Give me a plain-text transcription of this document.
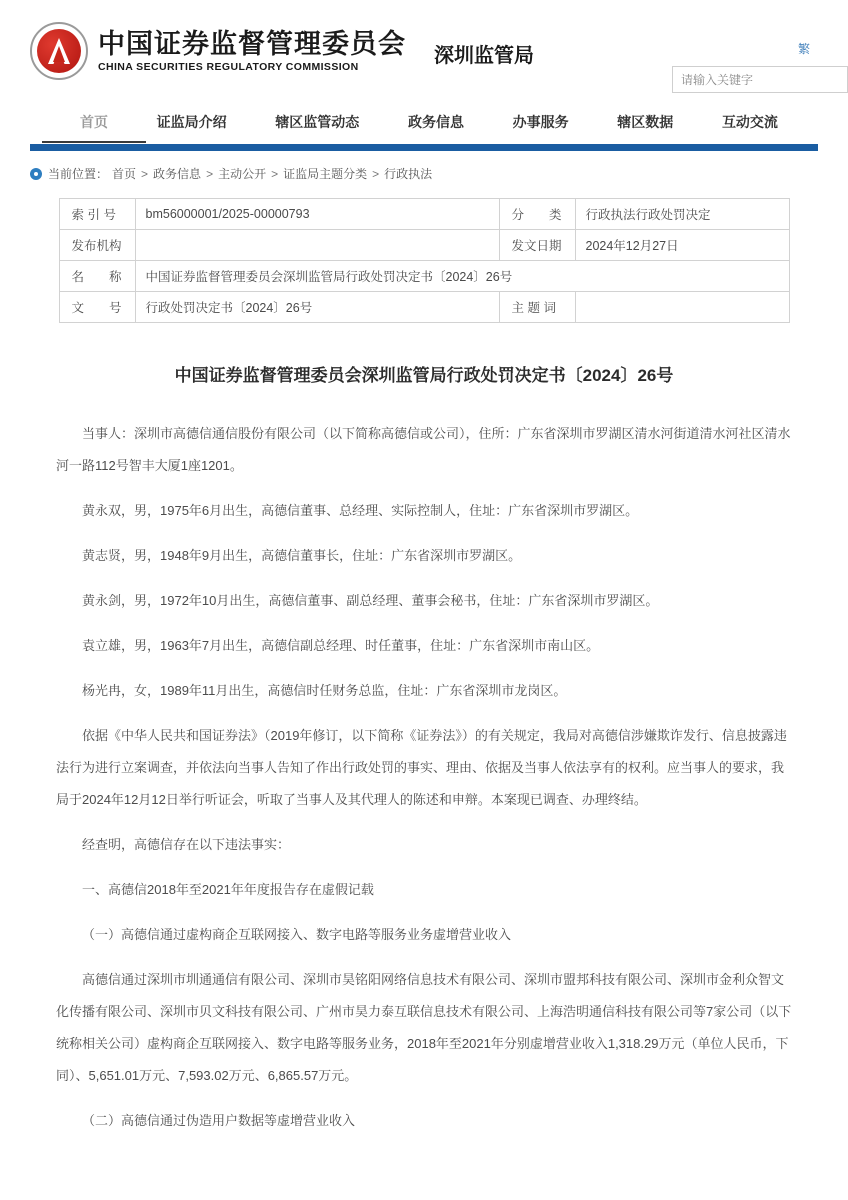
繁
中国证券监督管理委员会
CHINA SECURITIES REGULATORY COMMISSION
深圳监管局
请输入关键字
首页	证监局介绍	辖区监管动态	政务信息	办事服务	辖区数据	互动交流
当前位置： 首页 > 政务信息 > 主动公开 > 证监局主题分类 > 行政执法
索 引 号	bm56000001/2025-00000793	分　　类	行政执法行政处罚决定
发布机构		发文日期	2024年12月27日
名　　称	中国证券监督管理委员会深圳监管局行政处罚决定书〔2024〕26号		
文　　号	行政处罚决定书〔2024〕26号	主 题 词	
中国证券监督管理委员会深圳监管局行政处罚决定书〔2024〕26号

当事人：深圳市高德信通信股份有限公司（以下简称高德信或公司），住所：广东省深圳市罗湖区清水河街道清水河社区清水河一路112号智丰大厦1座1201。

黄永双，男，1975年6月出生，高德信董事、总经理、实际控制人，住址：广东省深圳市罗湖区。

黄志贤，男，1948年9月出生，高德信董事长，住址：广东省深圳市罗湖区。

黄永剑，男，1972年10月出生，高德信董事、副总经理、董事会秘书，住址：广东省深圳市罗湖区。

袁立雄，男，1963年7月出生，高德信副总经理、时任董事，住址：广东省深圳市南山区。

杨光冉，女，1989年11月出生，高德信时任财务总监，住址：广东省深圳市龙岗区。

依据《中华人民共和国证券法》（2019年修订，以下简称《证券法》）的有关规定，我局对高德信涉嫌欺诈发行、信息披露违法行为进行立案调查，并依法向当事人告知了作出行政处罚的事实、理由、依据及当事人依法享有的权利。应当事人的要求，我局于2024年12月12日举行听证会，听取了当事人及其代理人的陈述和申辩。本案现已调查、办理终结。

经查明，高德信存在以下违法事实：

一、高德信2018年至2021年年度报告存在虚假记载

（一）高德信通过虚构商企互联网接入、数字电路等服务业务虚增营业收入

高德信通过深圳市圳通通信有限公司、深圳市昊铭阳网络信息技术有限公司、深圳市盟邦科技有限公司、深圳市金利众智文化传播有限公司、深圳市贝文科技有限公司、广州市昊力泰互联信息技术有限公司、上海浩明通信科技有限公司等7家公司（以下统称相关公司）虚构商企互联网接入、数字电路等服务业务，2018年至2021年分别虚增营业收入1,318.29万元（单位人民币，下同）、5,651.01万元、7,593.02万元、6,865.57万元。

（二）高德信通过伪造用户数据等虚增营业收入
